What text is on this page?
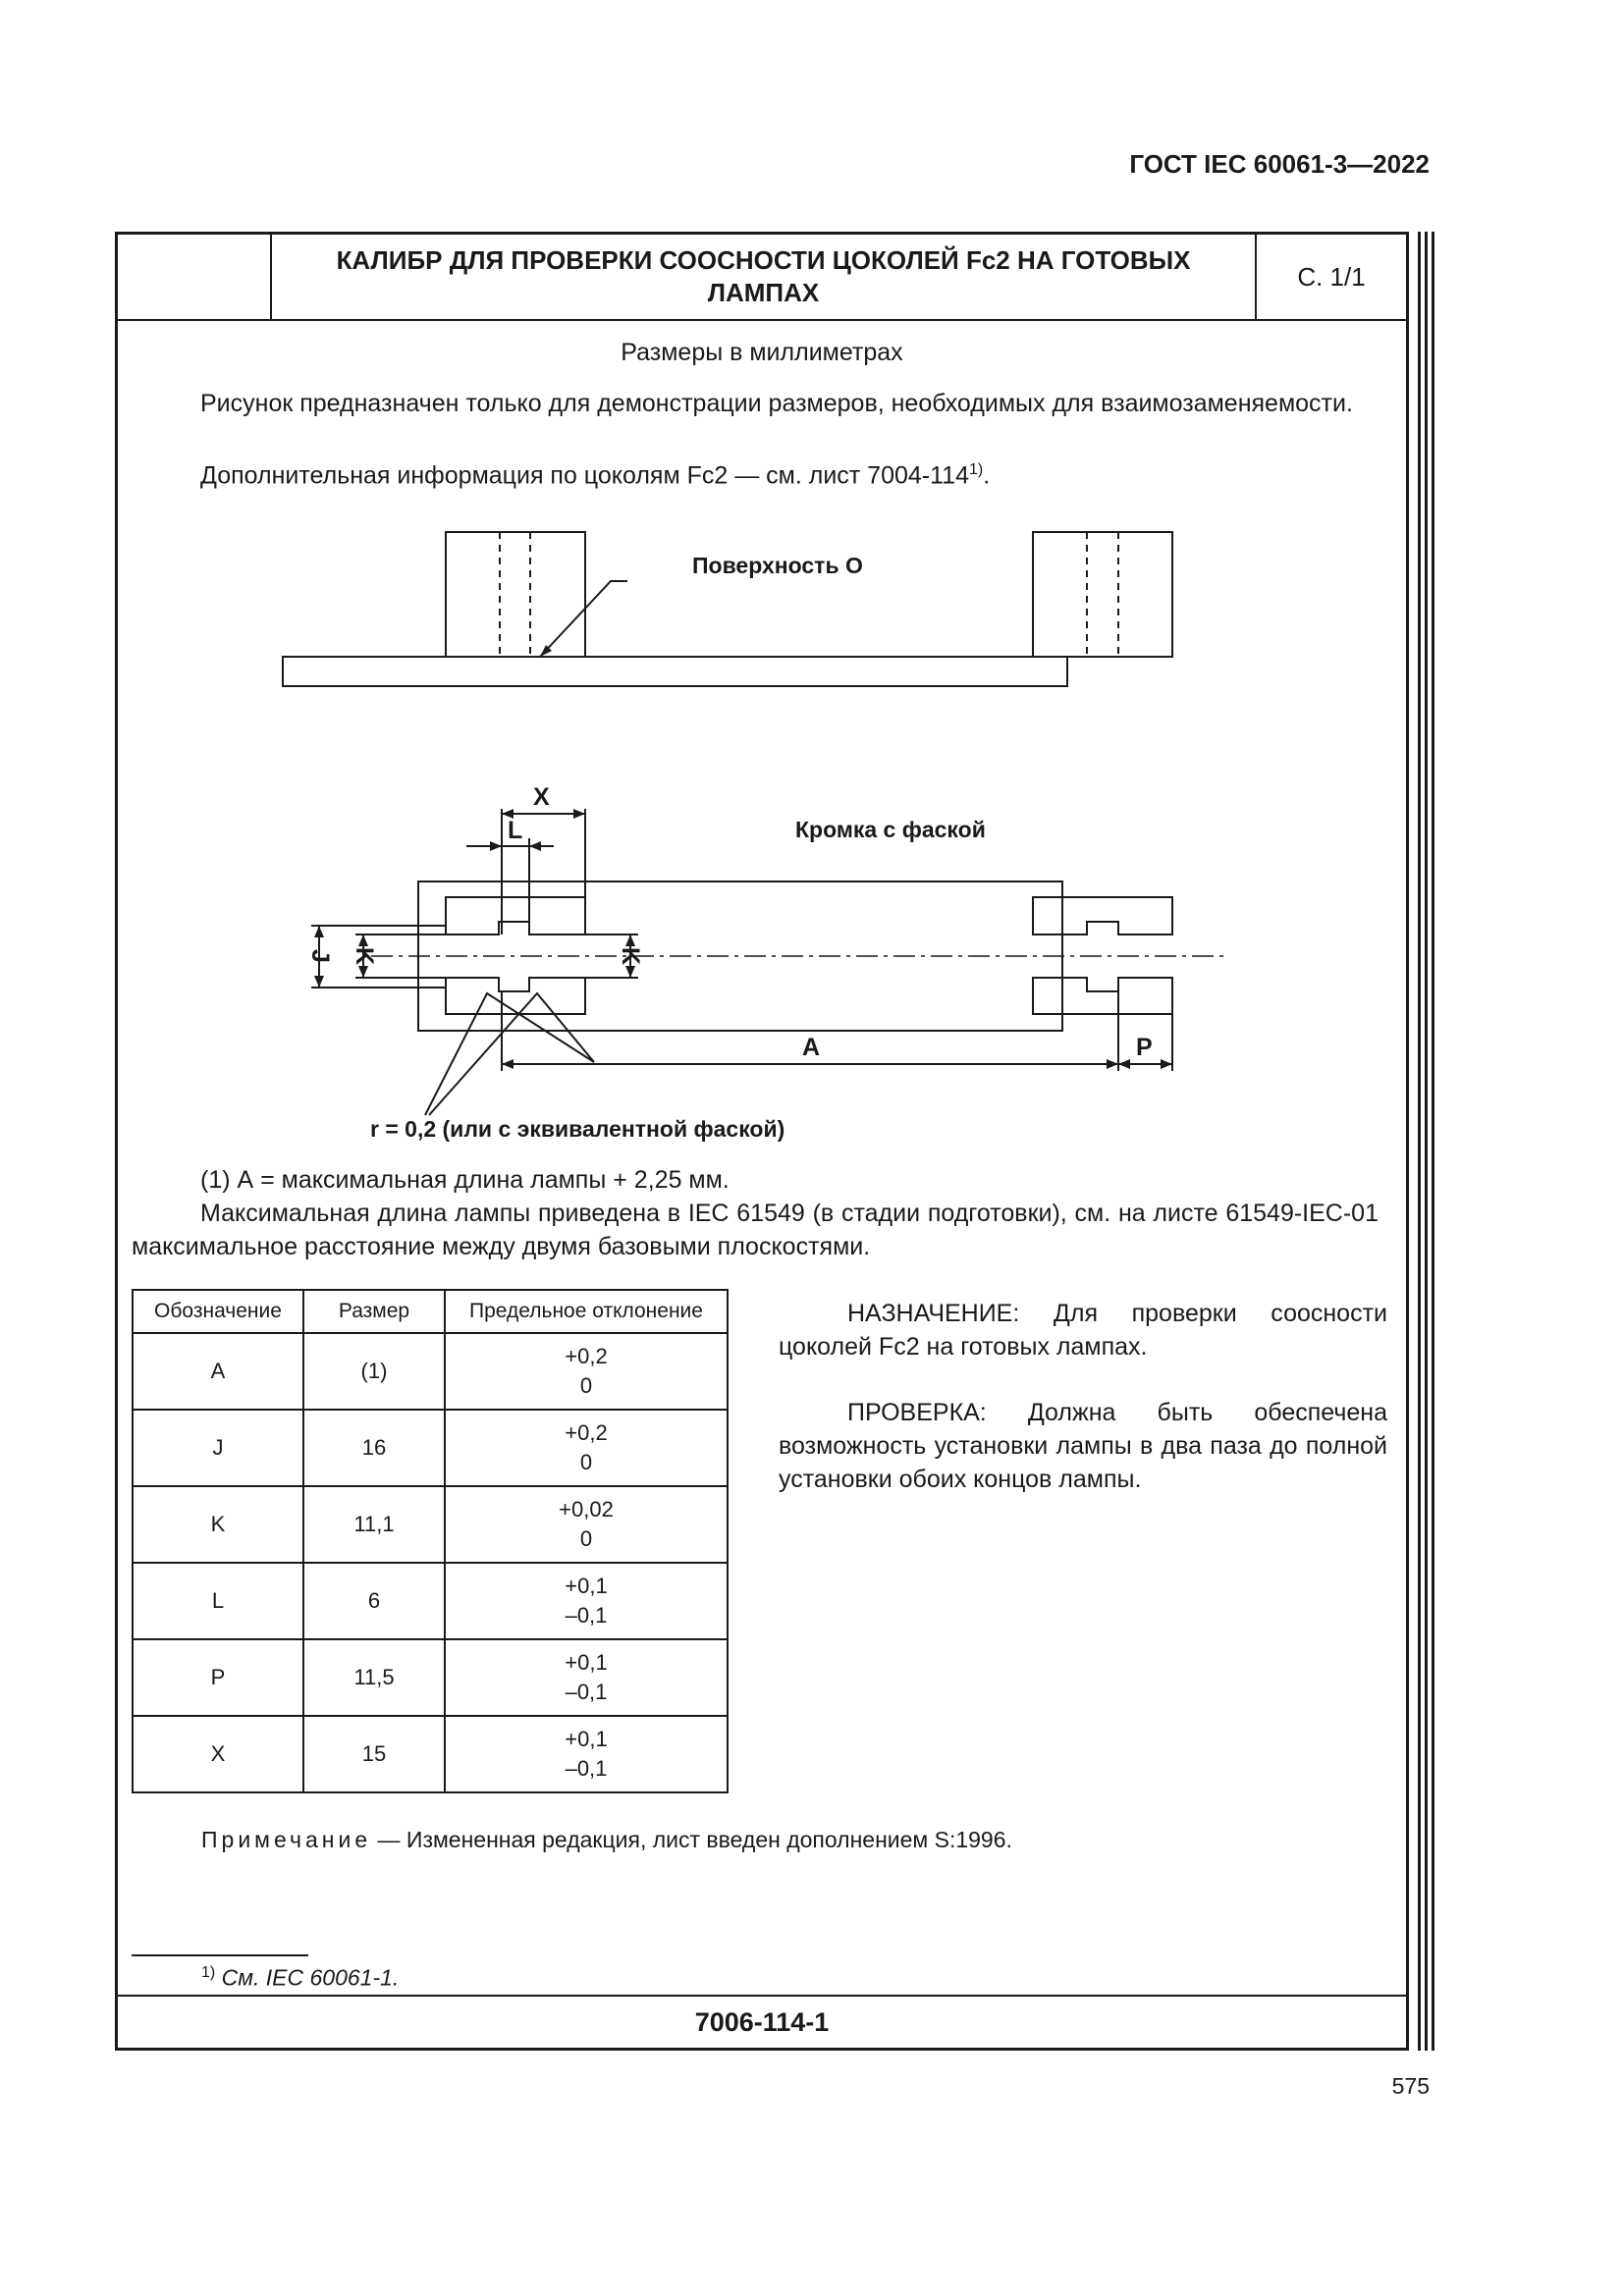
ГОСТ IEC 60061-3—2022
КАЛИБР ДЛЯ ПРОВЕРКИ СООСНОСТИ ЦОКОЛЕЙ Fc2 НА ГОТОВЫХ ЛАМПАХ
С. 1/1
Размеры в миллиметрах
Рисунок предназначен только для демонстрации размеров, необходимых для взаимозаменяемости.
Дополнительная информация по цоколям Fc2 — см. лист 7004-114$^{1)}$.
Поверхность О
Кромка с фаской
r = 0,2 (или с эквивалентной фаской)
X
L
A	P
J K	K
(1) А = максимальная длина лампы + 2,25 мм.
Максимальная длина лампы приведена в IEC 61549 (в стадии подготовки), см. на листе 61549-IEC-01 максимальное расстояние между двумя базовыми плоскостями.
Обозначение	Размер	Предельное отклонение
А	(1)	+0,2
0

J	16	+0,2
0

K	11,1	+0,02
0

L	6	+0,1
–0,1

P	11,5	+0,1
–0,1

X	15	+0,1
–0,1
НАЗНАЧЕНИЕ: Для проверки соосности цоколей Fc2 на готовых лампах.
ПРОВЕРКА: Должна быть обеспечена возможность установки лампы в два паза до полной установки обоих концов лампы.
Примечание — Измененная редакция, лист введен дополнением S:1996.
$^{1)}$ См. IEC 60061-1.
7006-114-1
575
